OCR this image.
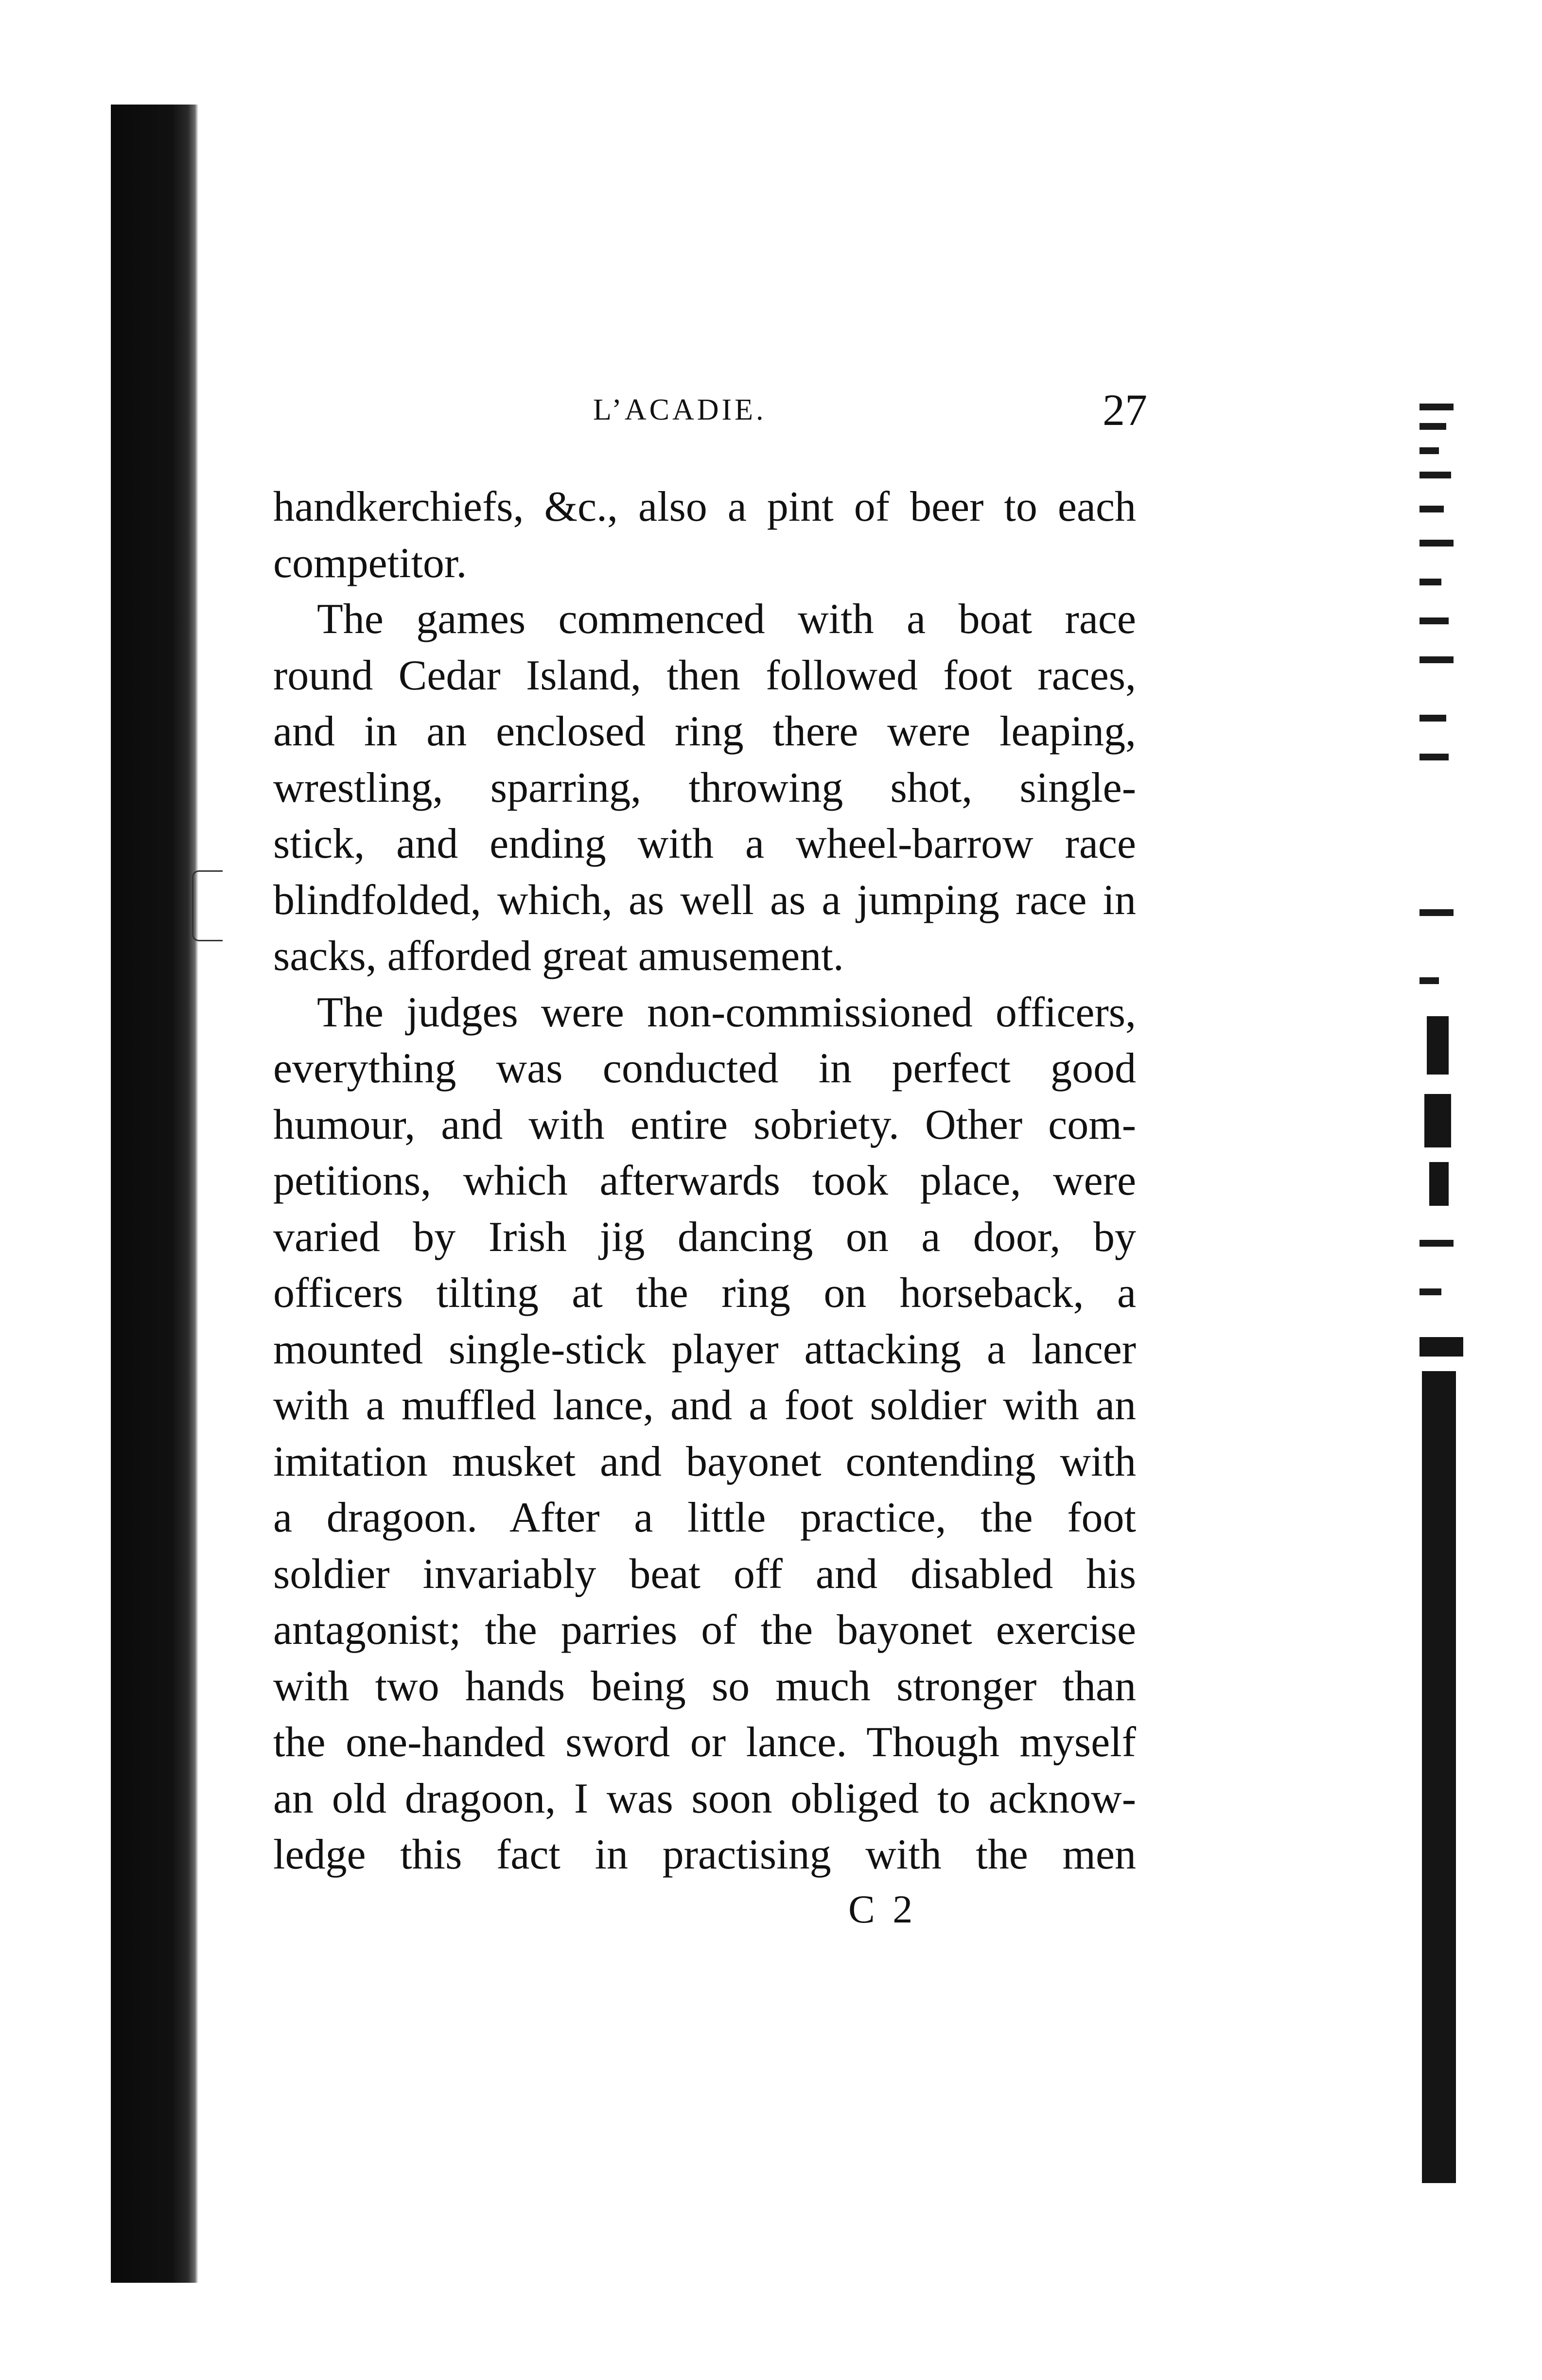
L’ACADIE.	27
handkerchiefs, &c., also a pint of beer to each
competitor.
The games commenced with a boat race
round Cedar Island, then followed foot races,
and in an enclosed ring there were leaping,
wrestling, sparring, throwing shot, single-
stick, and ending with a wheel-barrow race
blindfolded, which, as well as a jumping race in
sacks, afforded great amusement.
The judges were non-commissioned officers,
everything was conducted in perfect good
humour, and with entire sobriety. Other com-
petitions, which afterwards took place, were
varied by Irish jig dancing on a door, by
officers tilting at the ring on horseback, a
mounted single-stick player attacking a lancer
with a muffled lance, and a foot soldier with an
imitation musket and bayonet contending with
a dragoon. After a little practice, the foot
soldier invariably beat off and disabled his
antagonist; the parries of the bayonet exercise
with two hands being so much stronger than
the one-handed sword or lance. Though myself
an old dragoon, I was soon obliged to acknow-
ledge this fact in practising with the men
C 2
